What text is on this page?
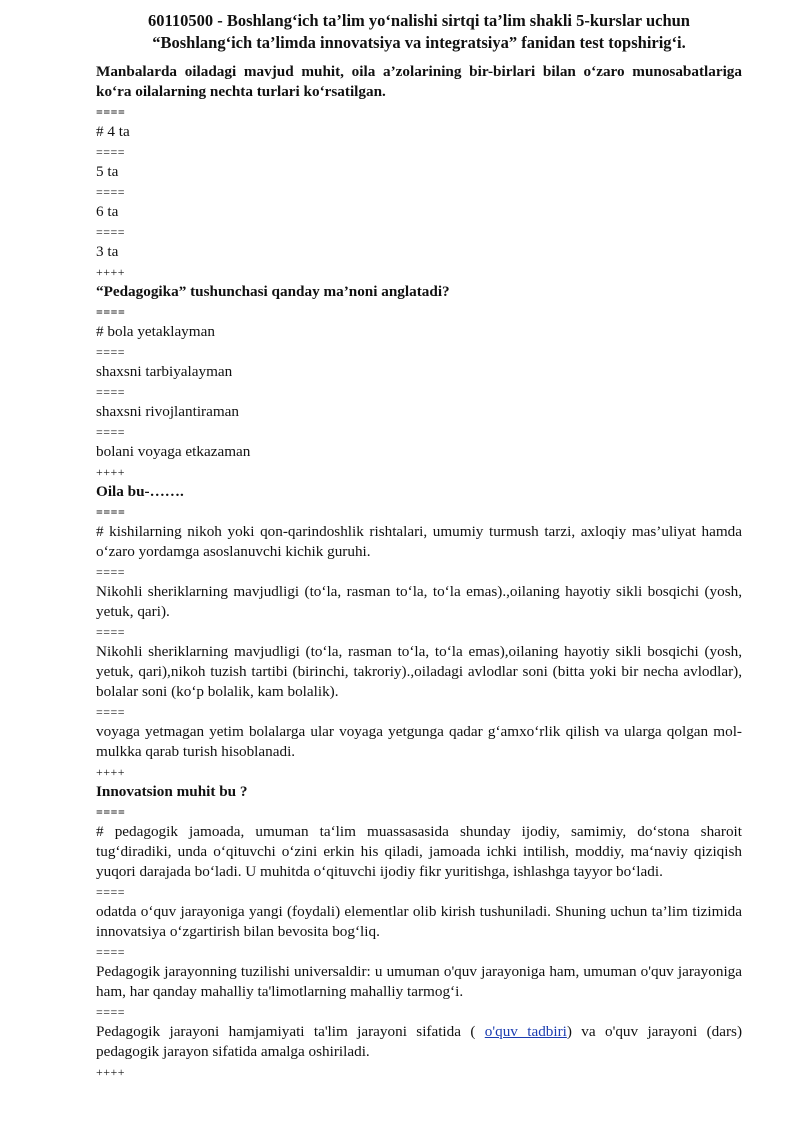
60110500 - Boshlang‘ich ta’lim yo‘nalishi sirtqi ta’lim shakli 5-kurslar uchun
“Boshlang‘ich ta’limda innovatsiya va integratsiya” fanidan test topshirig‘i.
Manbalarda oiladagi mavjud muhit, oila a’zolarining bir-birlari bilan o‘zaro munosabatlariga ko‘ra oilalarning nechta turlari ko‘rsatilgan.
====
# 4 ta
====
5 ta
====
6 ta
====
3 ta
++++
“Pedagogika” tushunchasi qanday ma’noni anglatadi?
====
# bola yetaklayman
====
shaxsni tarbiyalayman
====
shaxsni rivojlantiraman
====
bolani voyaga etkazaman
++++
Oila bu-…….
====
# kishilarning nikoh yoki qon-qarindoshlik rishtalari, umumiy turmush tarzi, axloqiy mas’uliyat hamda o‘zaro yordamga asoslanuvchi kichik guruhi.
====
Nikohli sheriklarning mavjudligi (to‘la, rasman to‘la, to‘la emas).,oilaning hayotiy sikli bosqichi (yosh, yetuk, qari).
====
Nikohli sheriklarning mavjudligi (to‘la, rasman to‘la, to‘la emas),oilaning hayotiy sikli bosqichi (yosh, yetuk, qari),nikoh tuzish tartibi (birinchi, takroriy).,oiladagi avlodlar soni (bitta yoki bir necha avlodlar), bolalar soni (ko‘p bolalik, kam bolalik).
====
voyaga yetmagan yetim bolalarga ular voyaga yetgunga qadar g‘amxo‘rlik qilish va ularga qolgan mol-mulkka qarab turish hisoblanadi.
++++
Innovatsion muhit bu ?
====
# pedagogik jamoada, umuman ta‘lim muassasasida shunday ijodiy, samimiy, do‘stona sharoit tug‘diradiki, unda o‘qituvchi o‘zini erkin his qiladi, jamoada ichki intilish, moddiy, ma‘naviy qiziqish yuqori darajada bo‘ladi. U muhitda o‘qituvchi ijodiy fikr yuritishga, ishlashga tayyor bo‘ladi.
====
odatda o‘quv jarayoniga yangi (foydali) elementlar olib kirish tushuniladi. Shuning uchun ta’lim tizimida innovatsiya o‘zgartirish bilan bevosita bog‘liq.
====
Pedagogik jarayonning tuzilishi universaldir: u umuman o'quv jarayoniga ham, umuman o'quv jarayoniga ham, har qanday mahalliy ta'limotlarning mahalliy tarmog‘i.
====
Pedagogik jarayoni hamjamiyati ta'lim jarayoni sifatida ( o'quv tadbiri) va o'quv jarayoni (dars) pedagogik jarayon sifatida amalga oshiriladi.
++++
